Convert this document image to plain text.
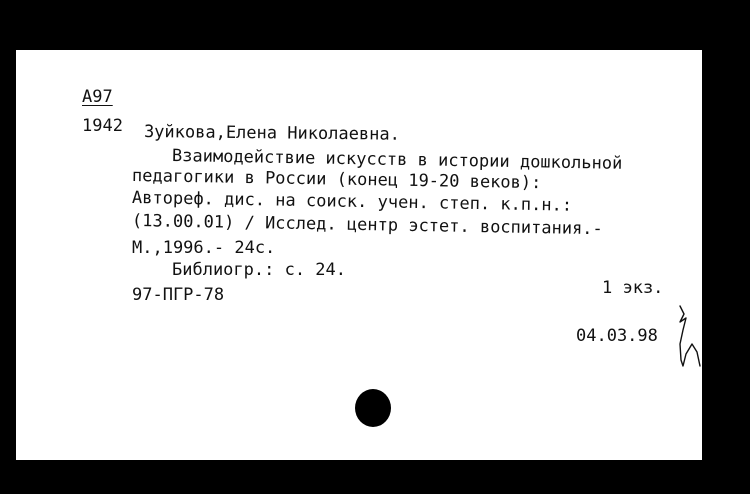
А97
1942 Зуйкова,Елена Николаевна.
Взаимодействие искусств в истории дошкольной
педагогики в России (конец 19-20 веков):
Автореф. дис. на соиск. учен. степ. к.п.н.:
(13.00.01) / Исслед. центр эстет. воспитания.-
М.,1996.- 24с.
Библиогр.: с. 24.
1 экз.
97-ПГР-78
04.03.98
